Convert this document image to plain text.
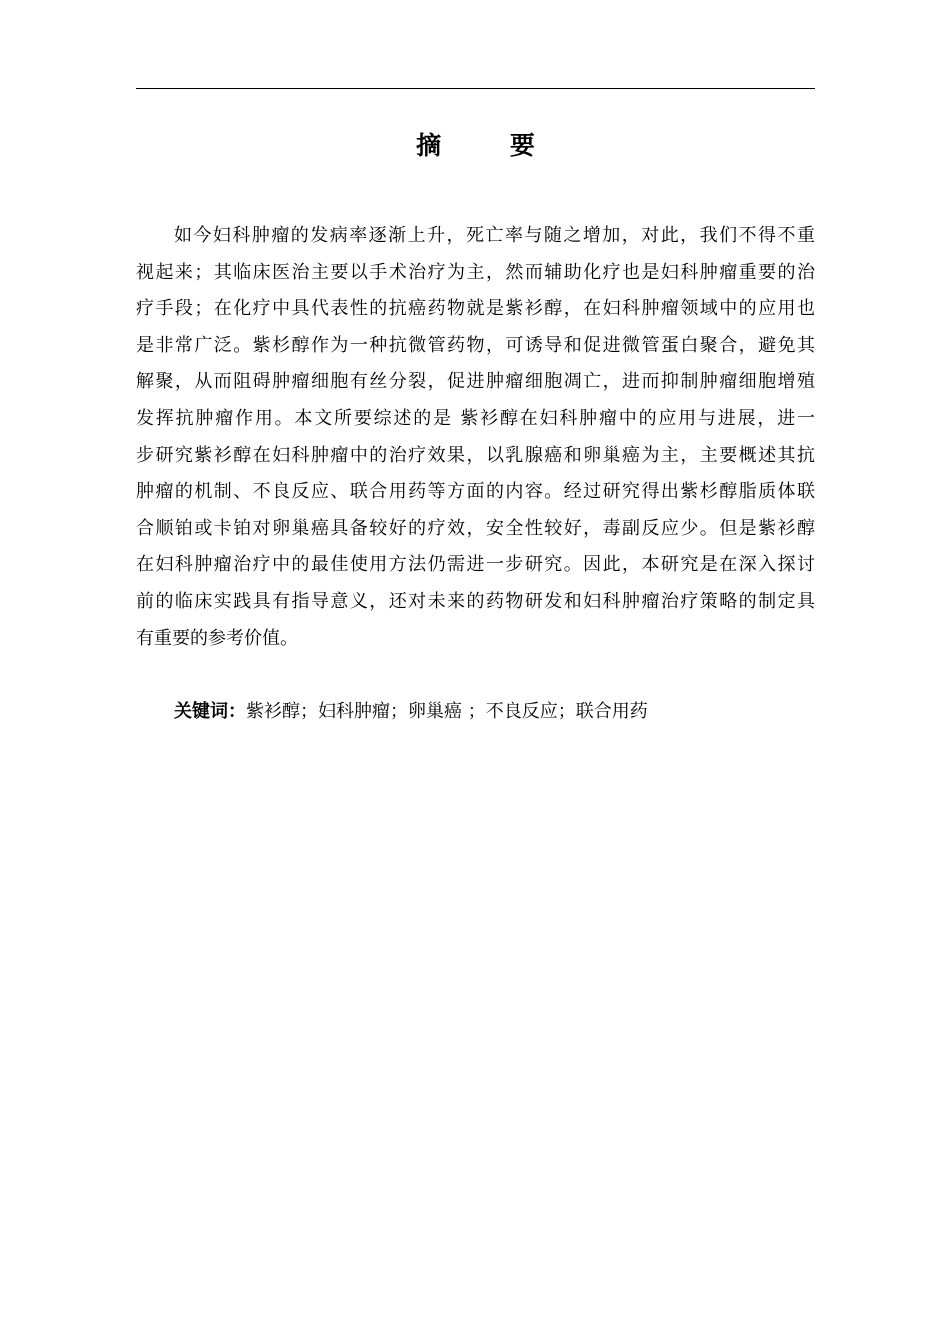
摘 要
如今妇科肿瘤的发病率逐渐上升，死亡率与随之增加，对此，我们不得不重
视起来；其临床医治主要以手术治疗为主，然而辅助化疗也是妇科肿瘤重要的治
疗手段；在化疗中具代表性的抗癌药物就是紫衫醇，在妇科肿瘤领域中的应用也
是非常广泛。紫杉醇作为一种抗微管药物，可诱导和促进微管蛋白聚合，避免其
解聚，从而阻碍肿瘤细胞有丝分裂，促进肿瘤细胞凋亡，进而抑制肿瘤细胞增殖
发挥抗肿瘤作用。本文所要综述的是 紫衫醇在妇科肿瘤中的应用与进展，进一
步研究紫衫醇在妇科肿瘤中的治疗效果，以乳腺癌和卵巢癌为主，主要概述其抗
肿瘤的机制、不良反应、联合用药等方面的内容。经过研究得出紫杉醇脂质体联
合顺铂或卡铂对卵巢癌具备较好的疗效，安全性较好，毒副反应少。但是紫衫醇
在妇科肿瘤治疗中的最佳使用方法仍需进一步研究。因此，本研究是在深入探讨
前的临床实践具有指导意义，还对未来的药物研发和妇科肿瘤治疗策略的制定具
有重要的参考价值。
关键词：紫衫醇；妇科肿瘤；卵巢癌 ；不良反应；联合用药
